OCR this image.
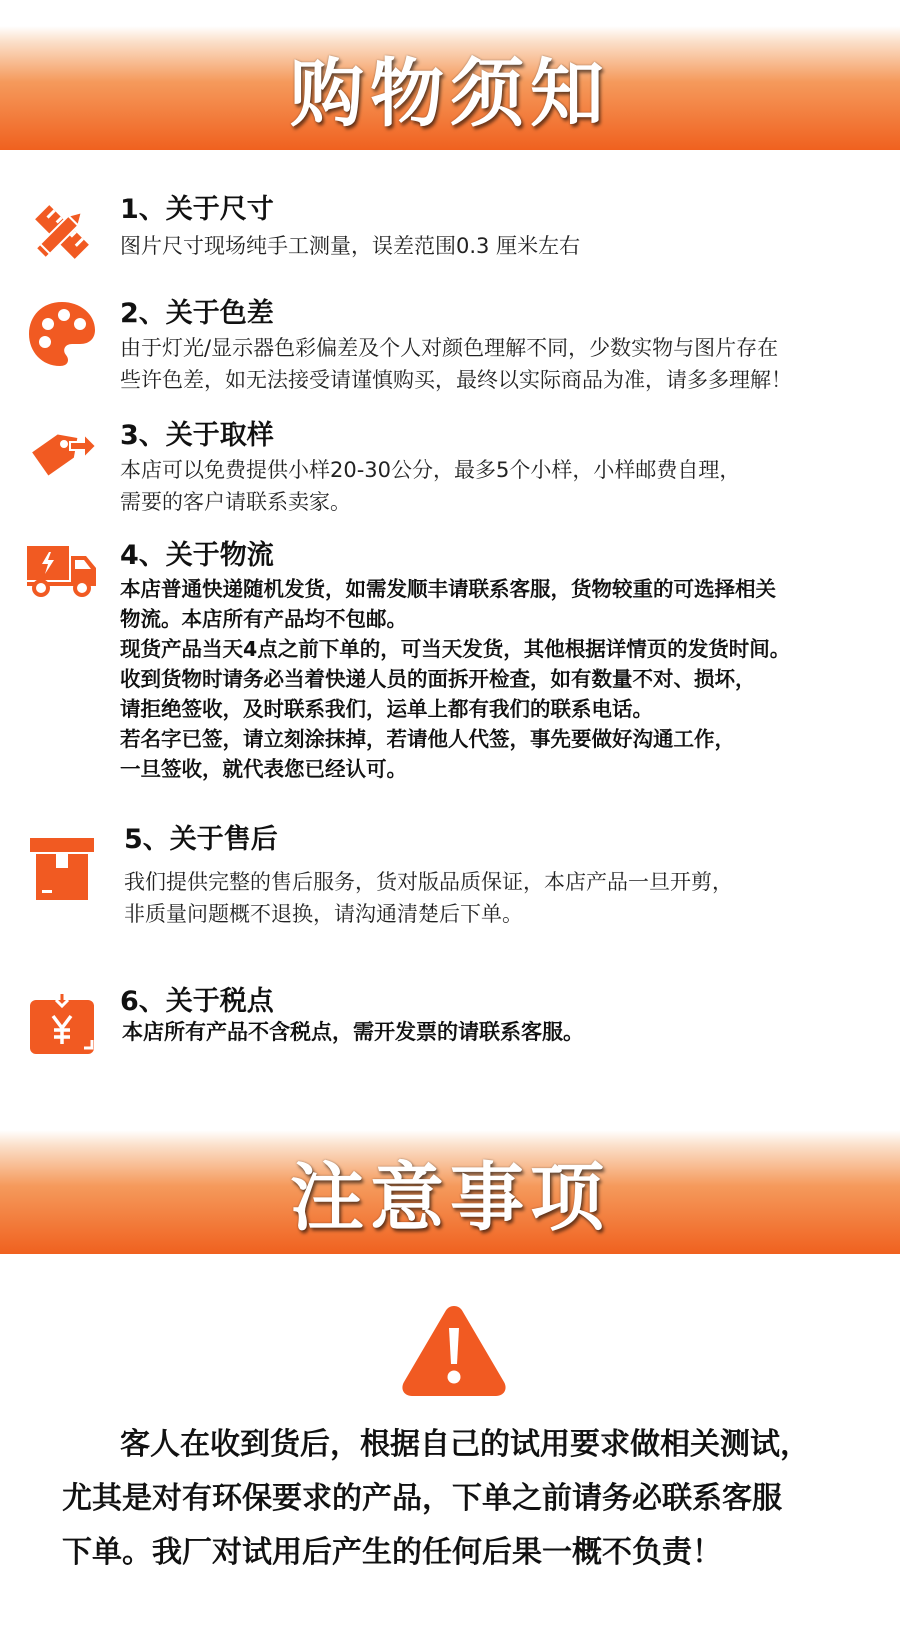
购物须知
1、关于尺寸
图片尺寸现场纯手工测量，误差范围0.3 厘米左右
2、关于色差
由于灯光/显示器色彩偏差及个人对颜色理解不同，少数实物与图片存在
些许色差，如无法接受请谨慎购买，最终以实际商品为准，请多多理解！
3、关于取样
本店可以免费提供小样20-30公分，最多5个小样，小样邮费自理，
需要的客户请联系卖家。
4、关于物流
本店普通快递随机发货，如需发顺丰请联系客服，货物较重的可选择相关
物流。本店所有产品均不包邮。
现货产品当天4点之前下单的，可当天发货，其他根据详情页的发货时间。
收到货物时请务必当着快递人员的面拆开检查，如有数量不对、损坏，
请拒绝签收，及时联系我们，运单上都有我们的联系电话。
若名字已签，请立刻涂抹掉，若请他人代签，事先要做好沟通工作，
一旦签收，就代表您已经认可。
5、关于售后
我们提供完整的售后服务，货对版品质保证，本店产品一旦开剪，
非质量问题概不退换，请沟通清楚后下单。
6、关于税点
本店所有产品不含税点，需开发票的请联系客服。
注意事项
客人在收到货后，根据自己的试用要求做相关测试，
尤其是对有环保要求的产品，下单之前请务必联系客服
下单。我厂对试用后产生的任何后果一概不负责！
